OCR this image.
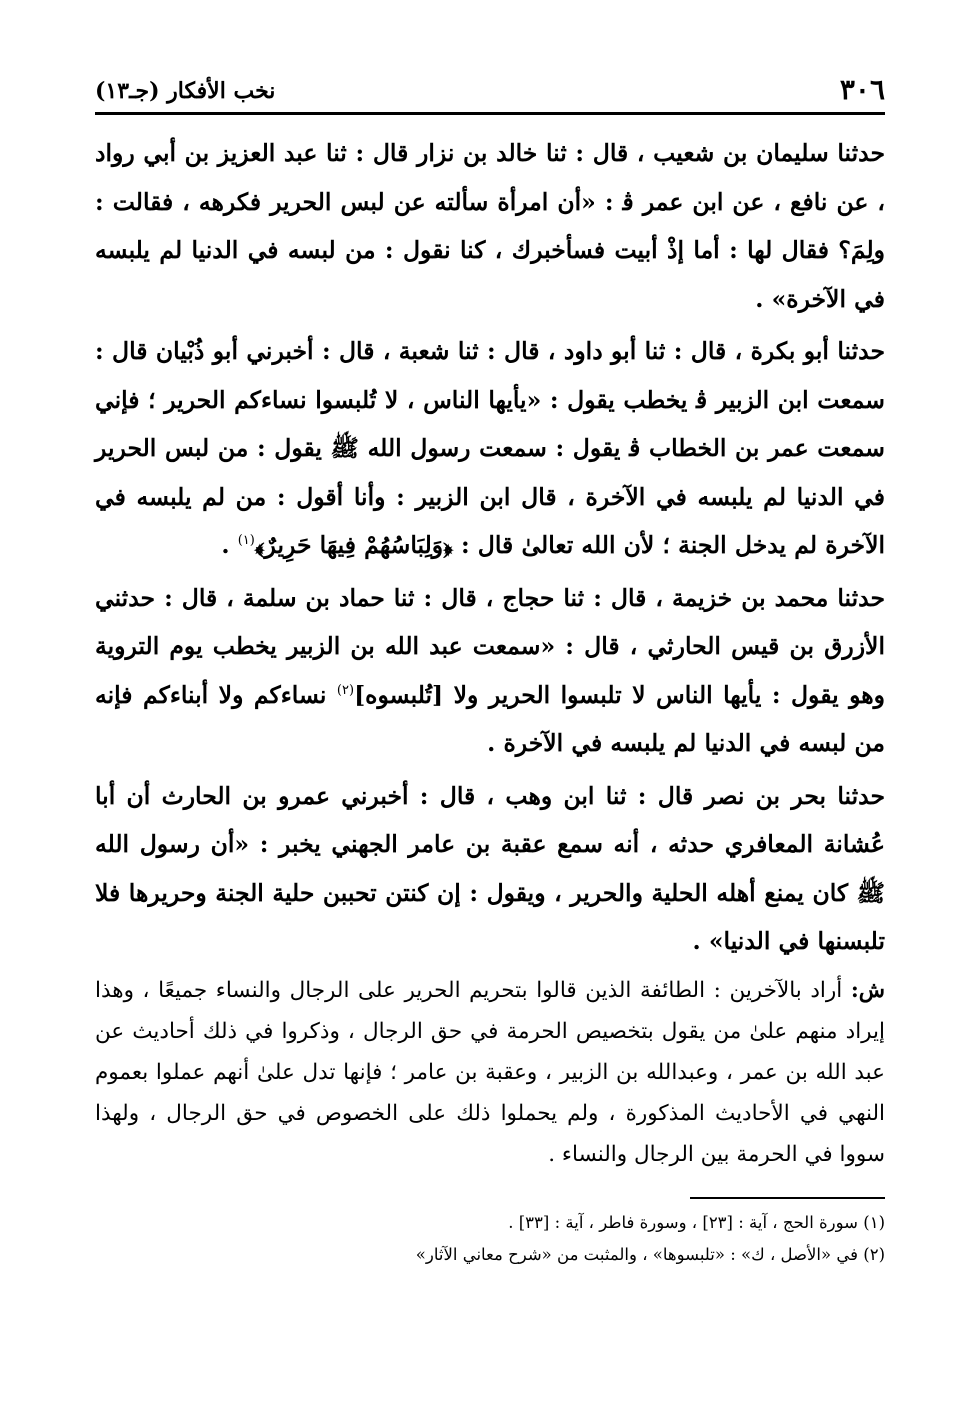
٣٠٦
نخب الأفكار (جـ١٣)

حدثنا سليمان بن شعيب ، قال : ثنا خالد بن نزار قال : ثنا عبد العزيز بن أبي رواد ، عن نافع ، عن ابن عمر ﭬ : «أن امرأة سألته عن لبس الحرير فكرهه ، فقالت : ولِمَ؟ فقال لها : أما إذْ أبيت فسأخبرك ، كنا نقول : من لبسه في الدنيا لم يلبسه في الآخرة» .

حدثنا أبو بكرة ، قال : ثنا أبو داود ، قال : ثنا شعبة ، قال : أخبرني أبو ذُبْيان قال : سمعت ابن الزبير ﭬ يخطب يقول : «يأيها الناس ، لا تُلبسوا نساءكم الحرير ؛ فإني سمعت عمر بن الخطاب ﭬ يقول : سمعت رسول الله ﷺ يقول : من لبس الحرير في الدنيا لم يلبسه في الآخرة ، قال ابن الزبير : وأنا أقول : من لم يلبسه في الآخرة لم يدخل الجنة ؛ لأن الله تعالىٰ قال : ﴿وَلِبَاسُهُمْ فِيهَا حَرِيرٌ﴾$^{(١)}$ .

حدثنا محمد بن خزيمة ، قال : ثنا حجاج ، قال : ثنا حماد بن سلمة ، قال : حدثني الأزرق بن قيس الحارثي ، قال : «سمعت عبد الله بن الزبير يخطب يوم التروية وهو يقول : يأيها الناس لا تلبسوا الحرير ولا [تُلبسوه]$^{(٢)}$ نساءكم ولا أبناءكم فإنه من لبسه في الدنيا لم يلبسه في الآخرة .

حدثنا بحر بن نصر قال : ثنا ابن وهب ، قال : أخبرني عمرو بن الحارث أن أبا عُشانة المعافري حدثه ، أنه سمع عقبة بن عامر الجهني يخبر : «أن رسول الله ﷺ كان يمنع أهله الحلية والحرير ، ويقول : إن كنتن تحببن حلية الجنة وحريرها فلا تلبسنها في الدنيا» .

ش: أراد بالآخرين : الطائفة الذين قالوا بتحريم الحرير على الرجال والنساء جميعًا ، وهذا إيراد منهم علىٰ من يقول بتخصيص الحرمة في حق الرجال ، وذكروا في ذلك أحاديث عن عبد الله بن عمر ، وعبدالله بن الزبير ، وعقبة بن عامر ؛ فإنها تدل علىٰ أنهم عملوا بعموم النهي في الأحاديث المذكورة ، ولم يحملوا ذلك على الخصوص في حق الرجال ، ولهذا سووا في الحرمة بين الرجال والنساء .

(١) سورة الحج ، آية : [٢٣] ، وسورة فاطر ، آية : [٣٣] .
(٢) في «الأصل ، ك» : «تلبسوها» ، والمثبت من «شرح معاني الآثار»
